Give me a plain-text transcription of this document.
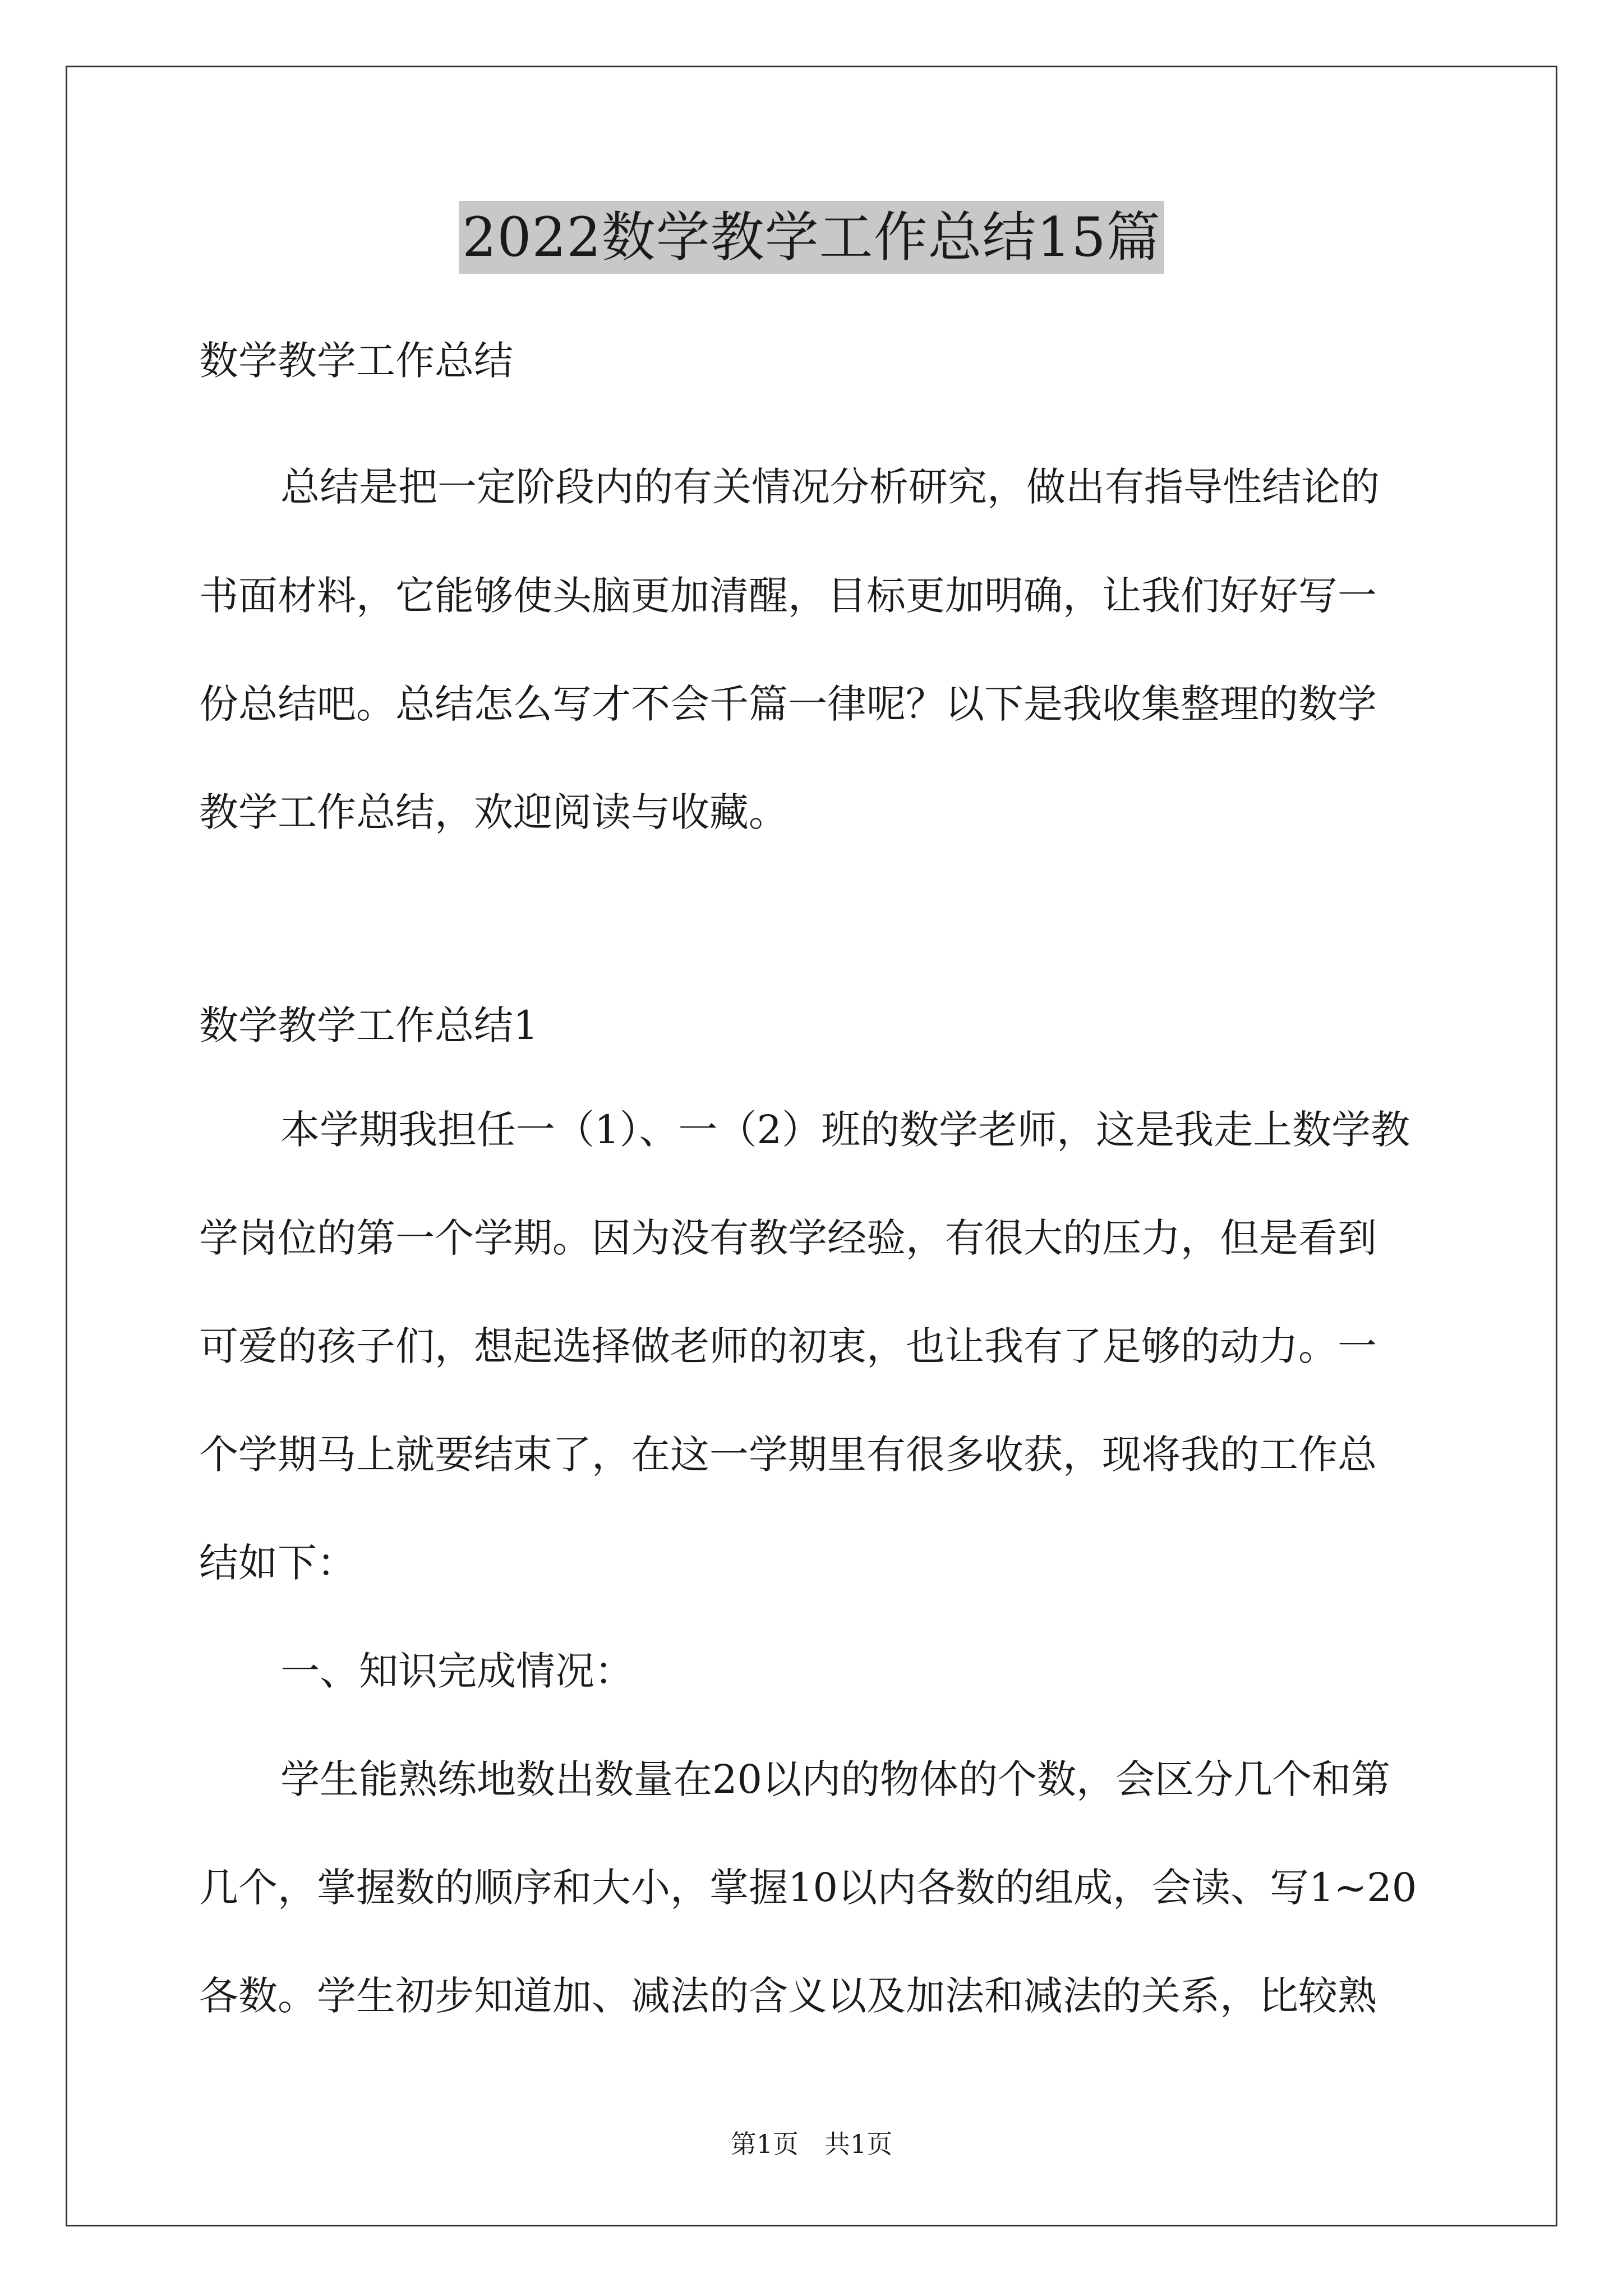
2022数学教学工作总结15篇

数学教学工作总结

总结是把一定阶段内的有关情况分析研究，做出有指导性结论的

书面材料，它能够使头脑更加清醒，目标更加明确，让我们好好写一

份总结吧。总结怎么写才不会千篇一律呢？以下是我收集整理的数学

教学工作总结，欢迎阅读与收藏。

数学教学工作总结1

本学期我担任一（1）、一（2）班的数学老师，这是我走上数学教

学岗位的第一个学期。因为没有教学经验，有很大的压力，但是看到

可爱的孩子们，想起选择做老师的初衷，也让我有了足够的动力。一

个学期马上就要结束了，在这一学期里有很多收获，现将我的工作总

结如下：

一、知识完成情况：

学生能熟练地数出数量在20以内的物体的个数，会区分几个和第

几个，掌握数的顺序和大小，掌握10以内各数的组成，会读、写1~20

各数。学生初步知道加、减法的含义以及加法和减法的关系，比较熟

第1页　共1页
